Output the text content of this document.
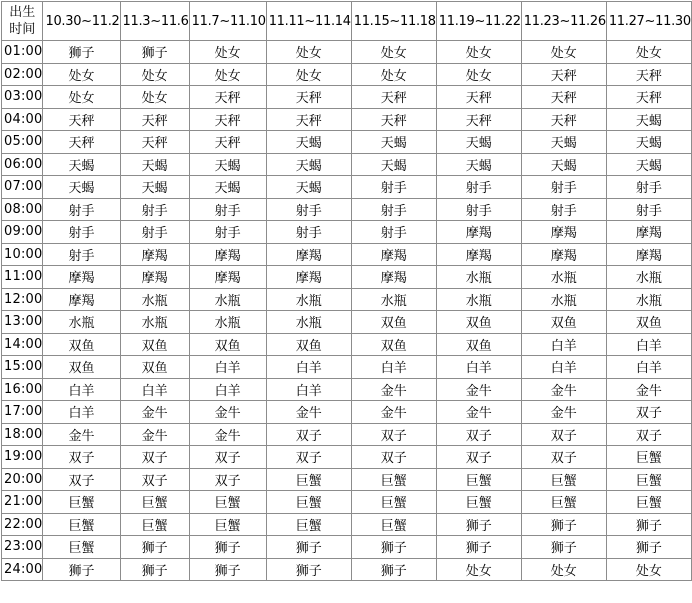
出生
时间	10.30~11.2	11.3~11.6	11.7~11.10	11.11~11.14	11.15~11.18	11.19~11.22	11.23~11.26	11.27~11.30
01:00	狮子	狮子	处女	处女	处女	处女	处女	处女
02:00	处女	处女	处女	处女	处女	处女	天秤	天秤
03:00	处女	处女	天秤	天秤	天秤	天秤	天秤	天秤
04:00	天秤	天秤	天秤	天秤	天秤	天秤	天秤	天蝎
05:00	天秤	天秤	天秤	天蝎	天蝎	天蝎	天蝎	天蝎
06:00	天蝎	天蝎	天蝎	天蝎	天蝎	天蝎	天蝎	天蝎
07:00	天蝎	天蝎	天蝎	天蝎	射手	射手	射手	射手
08:00	射手	射手	射手	射手	射手	射手	射手	射手
09:00	射手	射手	射手	射手	射手	摩羯	摩羯	摩羯
10:00	射手	摩羯	摩羯	摩羯	摩羯	摩羯	摩羯	摩羯
11:00	摩羯	摩羯	摩羯	摩羯	摩羯	水瓶	水瓶	水瓶
12:00	摩羯	水瓶	水瓶	水瓶	水瓶	水瓶	水瓶	水瓶
13:00	水瓶	水瓶	水瓶	水瓶	双鱼	双鱼	双鱼	双鱼
14:00	双鱼	双鱼	双鱼	双鱼	双鱼	双鱼	白羊	白羊
15:00	双鱼	双鱼	白羊	白羊	白羊	白羊	白羊	白羊
16:00	白羊	白羊	白羊	白羊	金牛	金牛	金牛	金牛
17:00	白羊	金牛	金牛	金牛	金牛	金牛	金牛	双子
18:00	金牛	金牛	金牛	双子	双子	双子	双子	双子
19:00	双子	双子	双子	双子	双子	双子	双子	巨蟹
20:00	双子	双子	双子	巨蟹	巨蟹	巨蟹	巨蟹	巨蟹
21:00	巨蟹	巨蟹	巨蟹	巨蟹	巨蟹	巨蟹	巨蟹	巨蟹
22:00	巨蟹	巨蟹	巨蟹	巨蟹	巨蟹	狮子	狮子	狮子
23:00	巨蟹	狮子	狮子	狮子	狮子	狮子	狮子	狮子
24:00	狮子	狮子	狮子	狮子	狮子	处女	处女	处女
